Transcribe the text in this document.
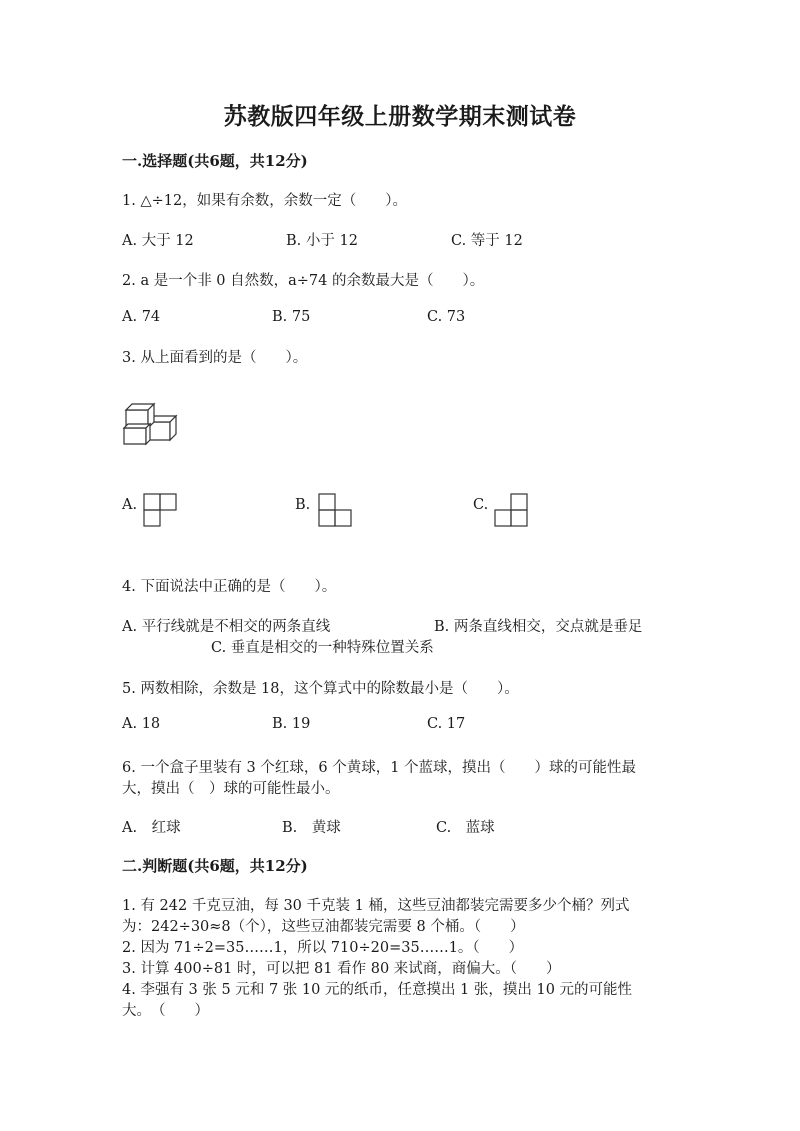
苏教版四年级上册数学期末测试卷
一.选择题(共6题，共12分)
1. △÷12，如果有余数，余数一定（　　）。
A. 大于 12	B. 小于 12	C. 等于 12
2. a 是一个非 0 自然数，a÷74 的余数最大是（　　）。
A. 74	B. 75	C. 73
3. 从上面看到的是（　　）。
A.	B.	C.
4. 下面说法中正确的是（　　）。
A. 平行线就是不相交的两条直线	B. 两条直线相交，交点就是垂足
C. 垂直是相交的一种特殊位置关系
5. 两数相除，余数是 18，这个算式中的除数最小是（　　）。
A. 18	B. 19	C. 17
6. 一个盒子里装有 3 个红球，6 个黄球，1 个蓝球，摸出（　　）球的可能性最
大，摸出（　）球的可能性最小。
A.　红球	B.　黄球	C.　蓝球
二.判断题(共6题，共12分)
1. 有 242 千克豆油，每 30 千克装 1 桶，这些豆油都装完需要多少个桶？列式
为：242÷30≈8（个），这些豆油都装完需要 8 个桶。（　　）
2. 因为 71÷2=35……1，所以 710÷20=35……1。（　　）
3. 计算 400÷81 时，可以把 81 看作 80 来试商，商偏大。（　　）
4. 李强有 3 张 5 元和 7 张 10 元的纸币，任意摸出 1 张，摸出 10 元的可能性
大。　（　　）
